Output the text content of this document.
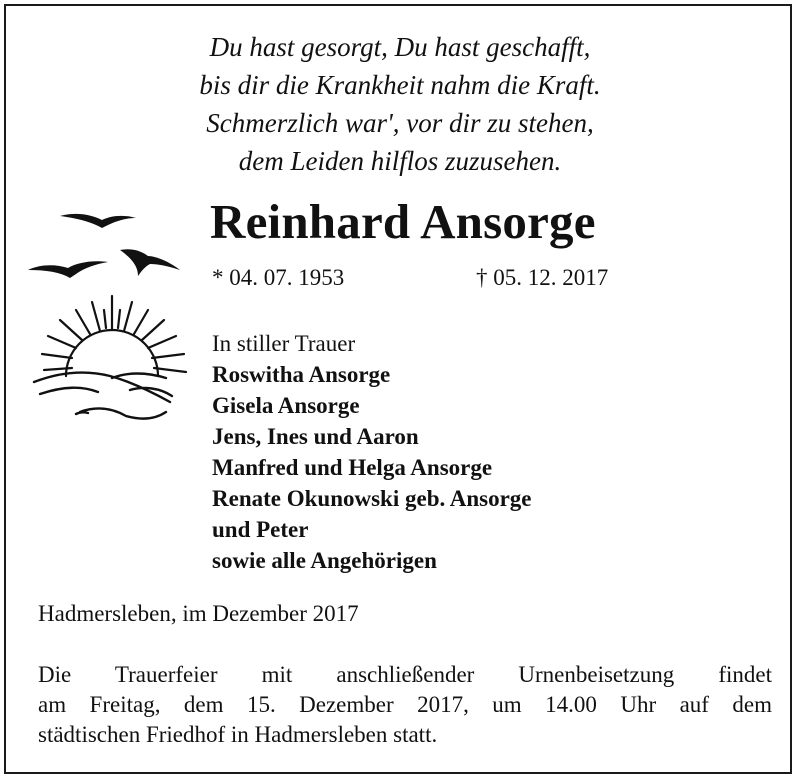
Du hast gesorgt, Du hast geschafft,
bis dir die Krankheit nahm die Kraft.
Schmerzlich war', vor dir zu stehen,
dem Leiden hilflos zuzusehen.
Reinhard Ansorge
* 04. 07. 1953	† 05. 12. 2017
In stiller Trauer
Roswitha Ansorge
Gisela Ansorge
Jens, Ines und Aaron
Manfred und Helga Ansorge
Renate Okunowski geb. Ansorge
und Peter
sowie alle Angehörigen
Hadmersleben, im Dezember 2017
Die Trauerfeier mit anschließender Urnenbeisetzung findet
am Freitag, dem 15. Dezember 2017, um 14.00 Uhr auf dem
städtischen Friedhof in Hadmersleben statt.
